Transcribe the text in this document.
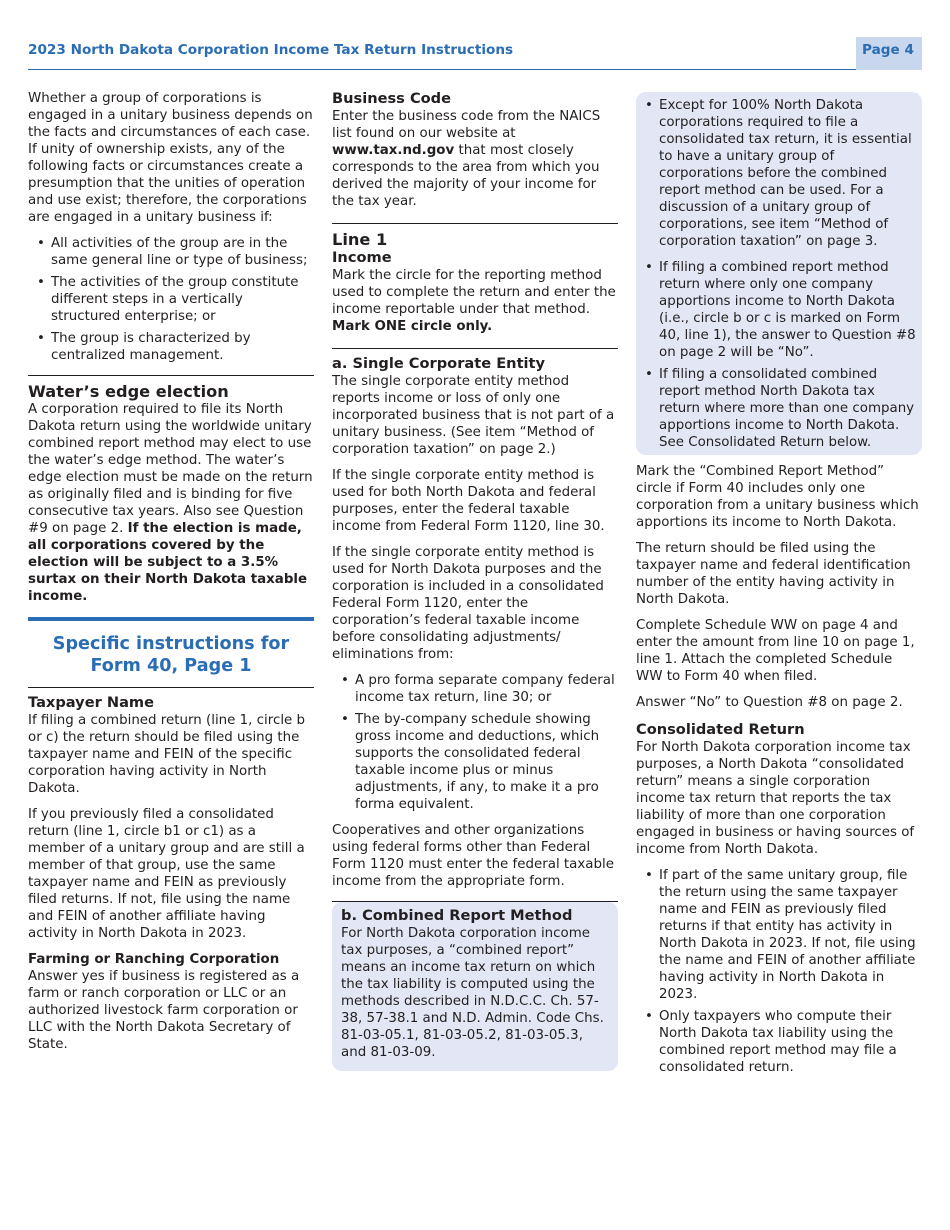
2023 North Dakota Corporation Income Tax Return Instructions	Page 4

Whether a group of corporations is engaged in a unitary business depends on the facts and circumstances of each case. If unity of ownership exists, any of the following facts or circumstances create a presumption that the unities of operation and use exist; therefore, the corporations are engaged in a unitary business if:

• All activities of the group are in the same general line or type of business;
• The activities of the group constitute different steps in a vertically structured enterprise; or
• The group is characterized by centralized management.
Water’s edge election

A corporation required to file its North Dakota return using the worldwide unitary combined report method may elect to use the water’s edge method. The water’s edge election must be made on the return as originally filed and is binding for five consecutive tax years. Also see Question #9 on page 2. If the election is made, all corporations covered by the election will be subject to a 3.5% surtax on their North Dakota taxable income.

Specific instructions for
Form 40, Page 1
Taxpayer Name

If filing a combined return (line 1, circle b or c) the return should be filed using the taxpayer name and FEIN of the specific corporation having activity in North Dakota.

If you previously filed a consolidated return (line 1, circle b1 or c1) as a member of a unitary group and are still a member of that group, use the same taxpayer name and FEIN as previously filed returns. If not, file using the name and FEIN of another affiliate having activity in North Dakota in 2023.

Farming or Ranching Corporation

Answer yes if business is registered as a farm or ranch corporation or LLC or an authorized livestock farm corporation or LLC with the North Dakota Secretary of State.

Business Code

Enter the business code from the NAICS list found on our website at www.tax.nd.gov that most closely corresponds to the area from which you derived the majority of your income for the tax year.

Line 1
Income

Mark the circle for the reporting method used to complete the return and enter the income reportable under that method. Mark ONE circle only.

a. Single Corporate Entity

The single corporate entity method reports income or loss of only one incorporated business that is not part of a unitary business. (See item “Method of corporation taxation” on page 2.)

If the single corporate entity method is used for both North Dakota and federal purposes, enter the federal taxable income from Federal Form 1120, line 30.

If the single corporate entity method is used for North Dakota purposes and the corporation is included in a consolidated Federal Form 1120, enter the corporation’s federal taxable income before consolidating adjustments/ eliminations from:

• A pro forma separate company federal income tax return, line 30; or
• The by-company schedule showing gross income and deductions, which supports the consolidated federal taxable income plus or minus adjustments, if any, to make it a pro forma equivalent.

Cooperatives and other organizations using federal forms other than Federal Form 1120 must enter the federal taxable income from the appropriate form.

b. Combined Report Method

For North Dakota corporation income tax purposes, a “combined report” means an income tax return on which the tax liability is computed using the methods described in N.D.C.C. Ch. 57-38, 57-38.1 and N.D. Admin. Code Chs. 81-03-05.1, 81-03-05.2, 81-03-05.3, and 81-03-09.

• Except for 100% North Dakota corporations required to file a consolidated tax return, it is essential to have a unitary group of corporations before the combined report method can be used. For a discussion of a unitary group of corporations, see item “Method of corporation taxation” on page 3.
• If filing a combined report method return where only one company apportions income to North Dakota (i.e., circle b or c is marked on Form 40, line 1), the answer to Question #8 on page 2 will be “No”.
• If filing a consolidated combined report method North Dakota tax return where more than one company apportions income to North Dakota. See Consolidated Return below.

Mark the “Combined Report Method” circle if Form 40 includes only one corporation from a unitary business which apportions its income to North Dakota.

The return should be filed using the taxpayer name and federal identification number of the entity having activity in North Dakota.

Complete Schedule WW on page 4 and enter the amount from line 10 on page 1, line 1. Attach the completed Schedule WW to Form 40 when filed.

Answer “No” to Question #8 on page 2.

Consolidated Return

For North Dakota corporation income tax purposes, a North Dakota “consolidated return” means a single corporation income tax return that reports the tax liability of more than one corporation engaged in business or having sources of income from North Dakota.

• If part of the same unitary group, file the return using the same taxpayer name and FEIN as previously filed returns if that entity has activity in North Dakota in 2023. If not, file using the name and FEIN of another affiliate having activity in North Dakota in 2023.
• Only taxpayers who compute their North Dakota tax liability using the combined report method may file a consolidated return.
